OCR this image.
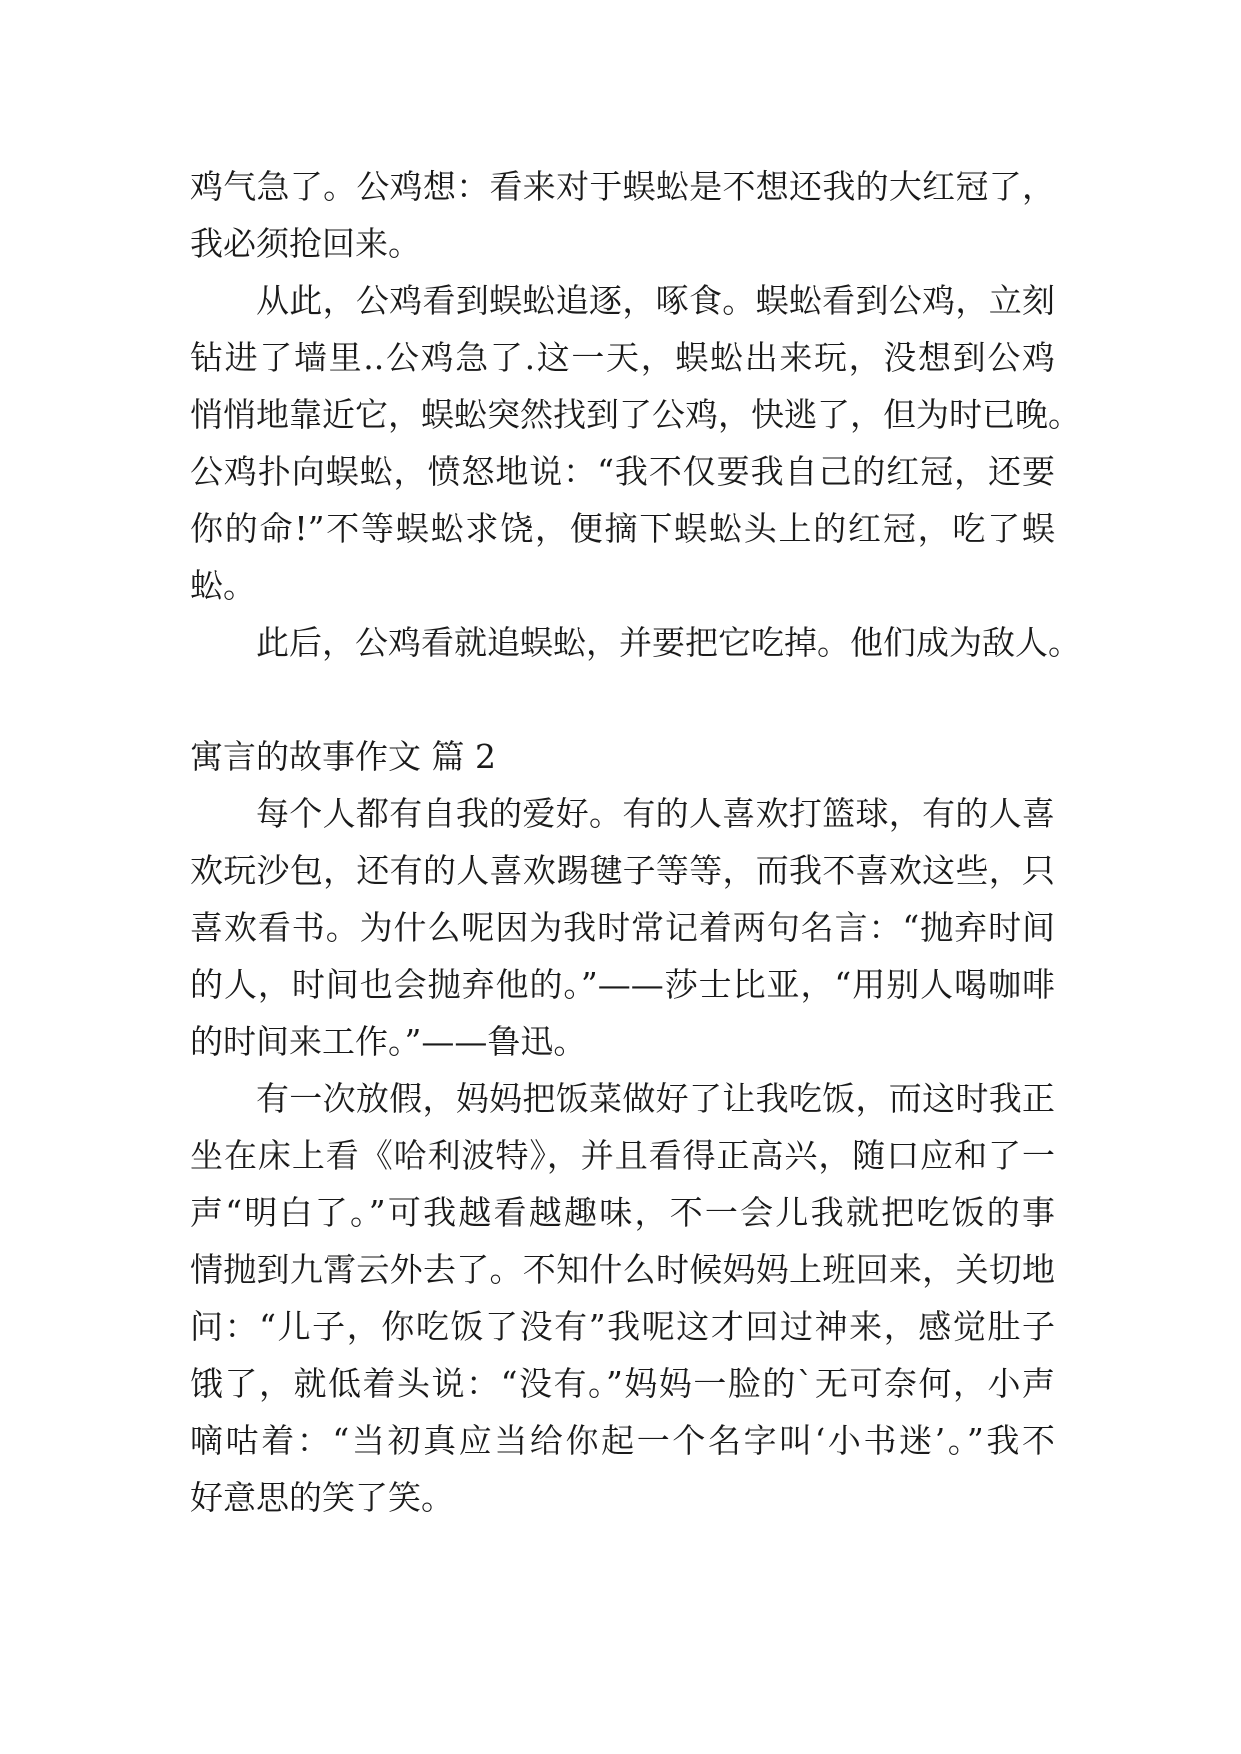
鸡气急了。公鸡想：看来对于蜈蚣是不想还我的大红冠了，
我必须抢回来。
从此，公鸡看到蜈蚣追逐，啄食。蜈蚣看到公鸡，立刻
钻进了墙里..公鸡急了.这一天，蜈蚣出来玩，没想到公鸡
悄悄地靠近它，蜈蚣突然找到了公鸡，快逃了，但为时已晚。
公鸡扑向蜈蚣，愤怒地说：“我不仅要我自己的红冠，还要
你的命!”不等蜈蚣求饶，便摘下蜈蚣头上的红冠，吃了蜈
蚣。
此后，公鸡看就追蜈蚣，并要把它吃掉。他们成为敌人。
寓言的故事作文 篇 2
每个人都有自我的爱好。有的人喜欢打篮球，有的人喜
欢玩沙包，还有的人喜欢踢毽子等等，而我不喜欢这些，只
喜欢看书。为什么呢因为我时常记着两句名言：“抛弃时间
的人，时间也会抛弃他的。”——莎士比亚，“用别人喝咖啡
的时间来工作。”——鲁迅。
有一次放假，妈妈把饭菜做好了让我吃饭，而这时我正
坐在床上看《哈利波特》，并且看得正高兴，随口应和了一
声“明白了。”可我越看越趣味，不一会儿我就把吃饭的事
情抛到九霄云外去了。不知什么时候妈妈上班回来，关切地
问：“儿子，你吃饭了没有”我呢这才回过神来，感觉肚子
饿了，就低着头说：“没有。”妈妈一脸的`无可奈何，小声
嘀咕着：“当初真应当给你起一个名字叫‘小书迷’。”我不
好意思的笑了笑。
